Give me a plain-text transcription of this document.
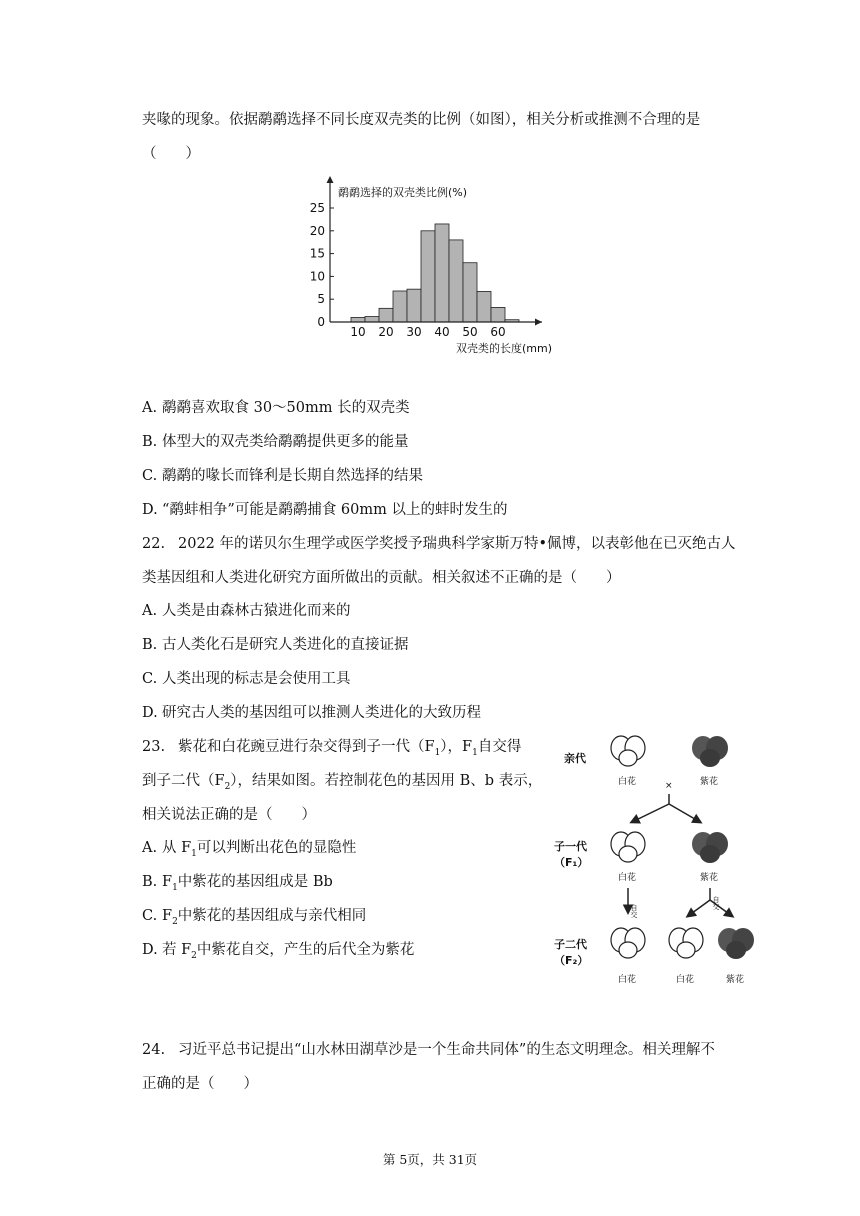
夹喙的现象。依据鹬鹬选择不同长度双壳类的比例（如图），相关分析或推测不合理的是
（　　）
鹬鹬选择的双壳类比例(%)
0
5
10
15
20
25
10 20 30 40 50 60
双壳类的长度(mm)
A. 鹬鹬喜欢取食 30～50mm 长的双壳类
B. 体型大的双壳类给鹬鹬提供更多的能量
C. 鹬鹬的喙长而锋利是长期自然选择的结果
D. “鹬蚌相争”可能是鹬鹬捕食 60mm 以上的蚌时发生的
22. 2022 年的诺贝尔生理学或医学奖授予瑞典科学家斯万特•佩博，以表彰他在已灭绝古人
类基因组和人类进化研究方面所做出的贡献。相关叙述不正确的是（　　）
A. 人类是由森林古猿进化而来的
B. 古人类化石是研究人类进化的直接证据
C. 人类出现的标志是会使用工具
D. 研究古人类的基因组可以推测人类进化的大致历程
23. 紫花和白花豌豆进行杂交得到子一代$(F_1)$，$F_1$自交得
到子二代$(F_2)$，结果如图。若控制花色的基因用 B、b 表示，
相关说法正确的是（　　）
A. 从 $F_1$可以判断出花色的显隐性
B. $F_1$中紫花的基因组成是 Bb
C. $F_2$中紫花的基因组成与亲代相同
D. 若 $F_2$中紫花自交，产生的后代全为紫花
亲代
子一代
（F₁）
子二代
（F₂）
白花	紫花
×
白花	紫花
自交
自交
白花	白花	紫花
24. 习近平总书记提出“山水林田湖草沙是一个生命共同体”的生态文明理念。相关理解不
正确的是（　　）
第 5页，共 31页
